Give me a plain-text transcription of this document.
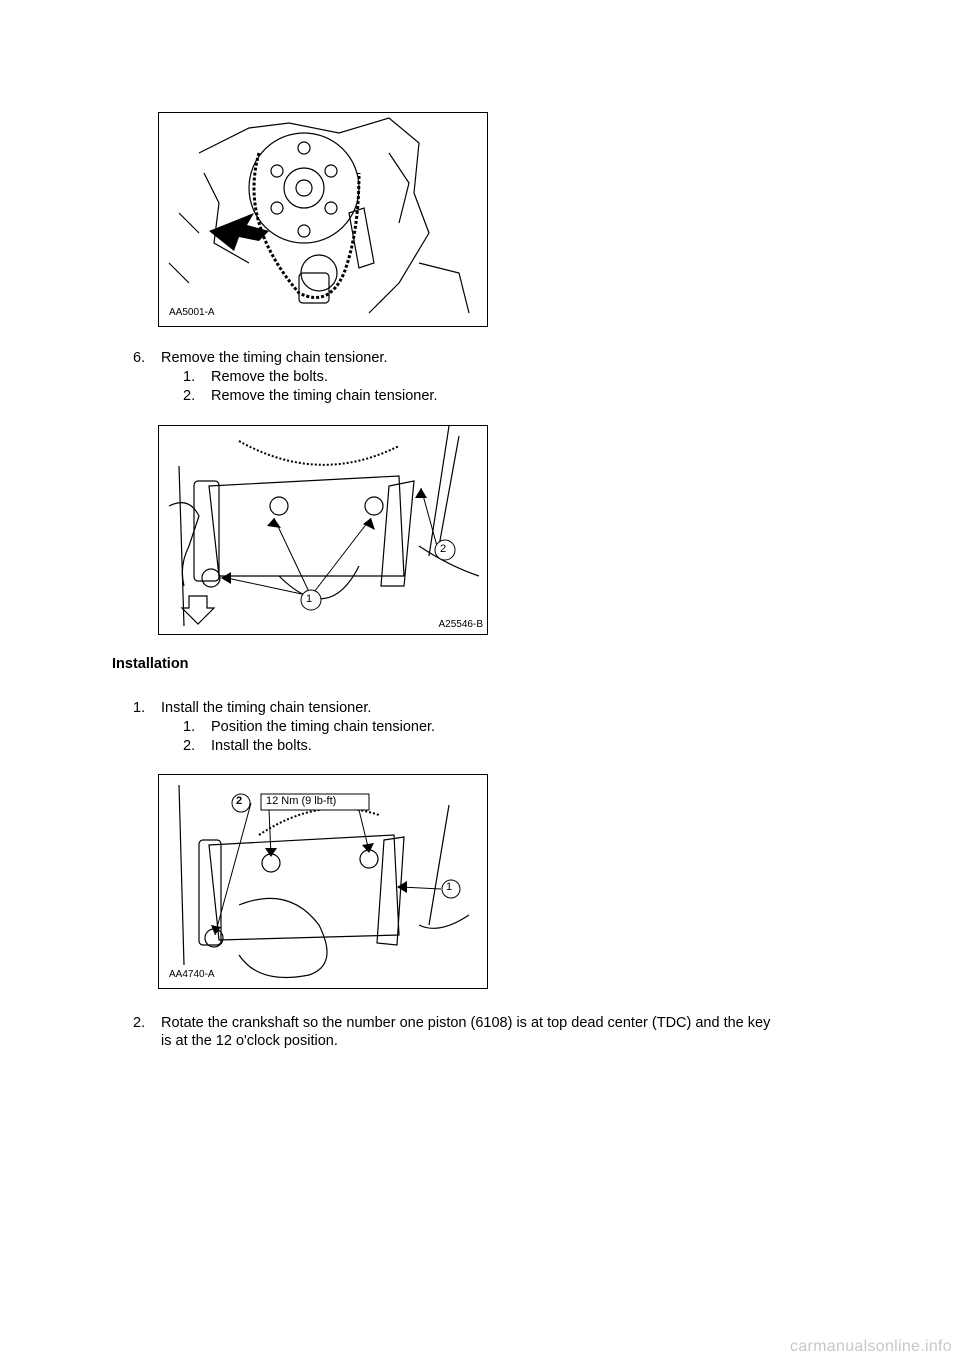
AA5001-A
6. Remove the timing chain tensioner.
1. Remove the bolts.
2. Remove the timing chain tensioner.
1
2
A25546-B
Installation
1. Install the timing chain tensioner.
1. Position the timing chain tensioner.
2. Install the bolts.
2
1
12 Nm (9 lb-ft)
AA4740-A
2. Rotate the crankshaft so the number one piston (6108) is at top dead center (TDC) and the key
is at the 12 o'clock position.
carmanualsonline.info
